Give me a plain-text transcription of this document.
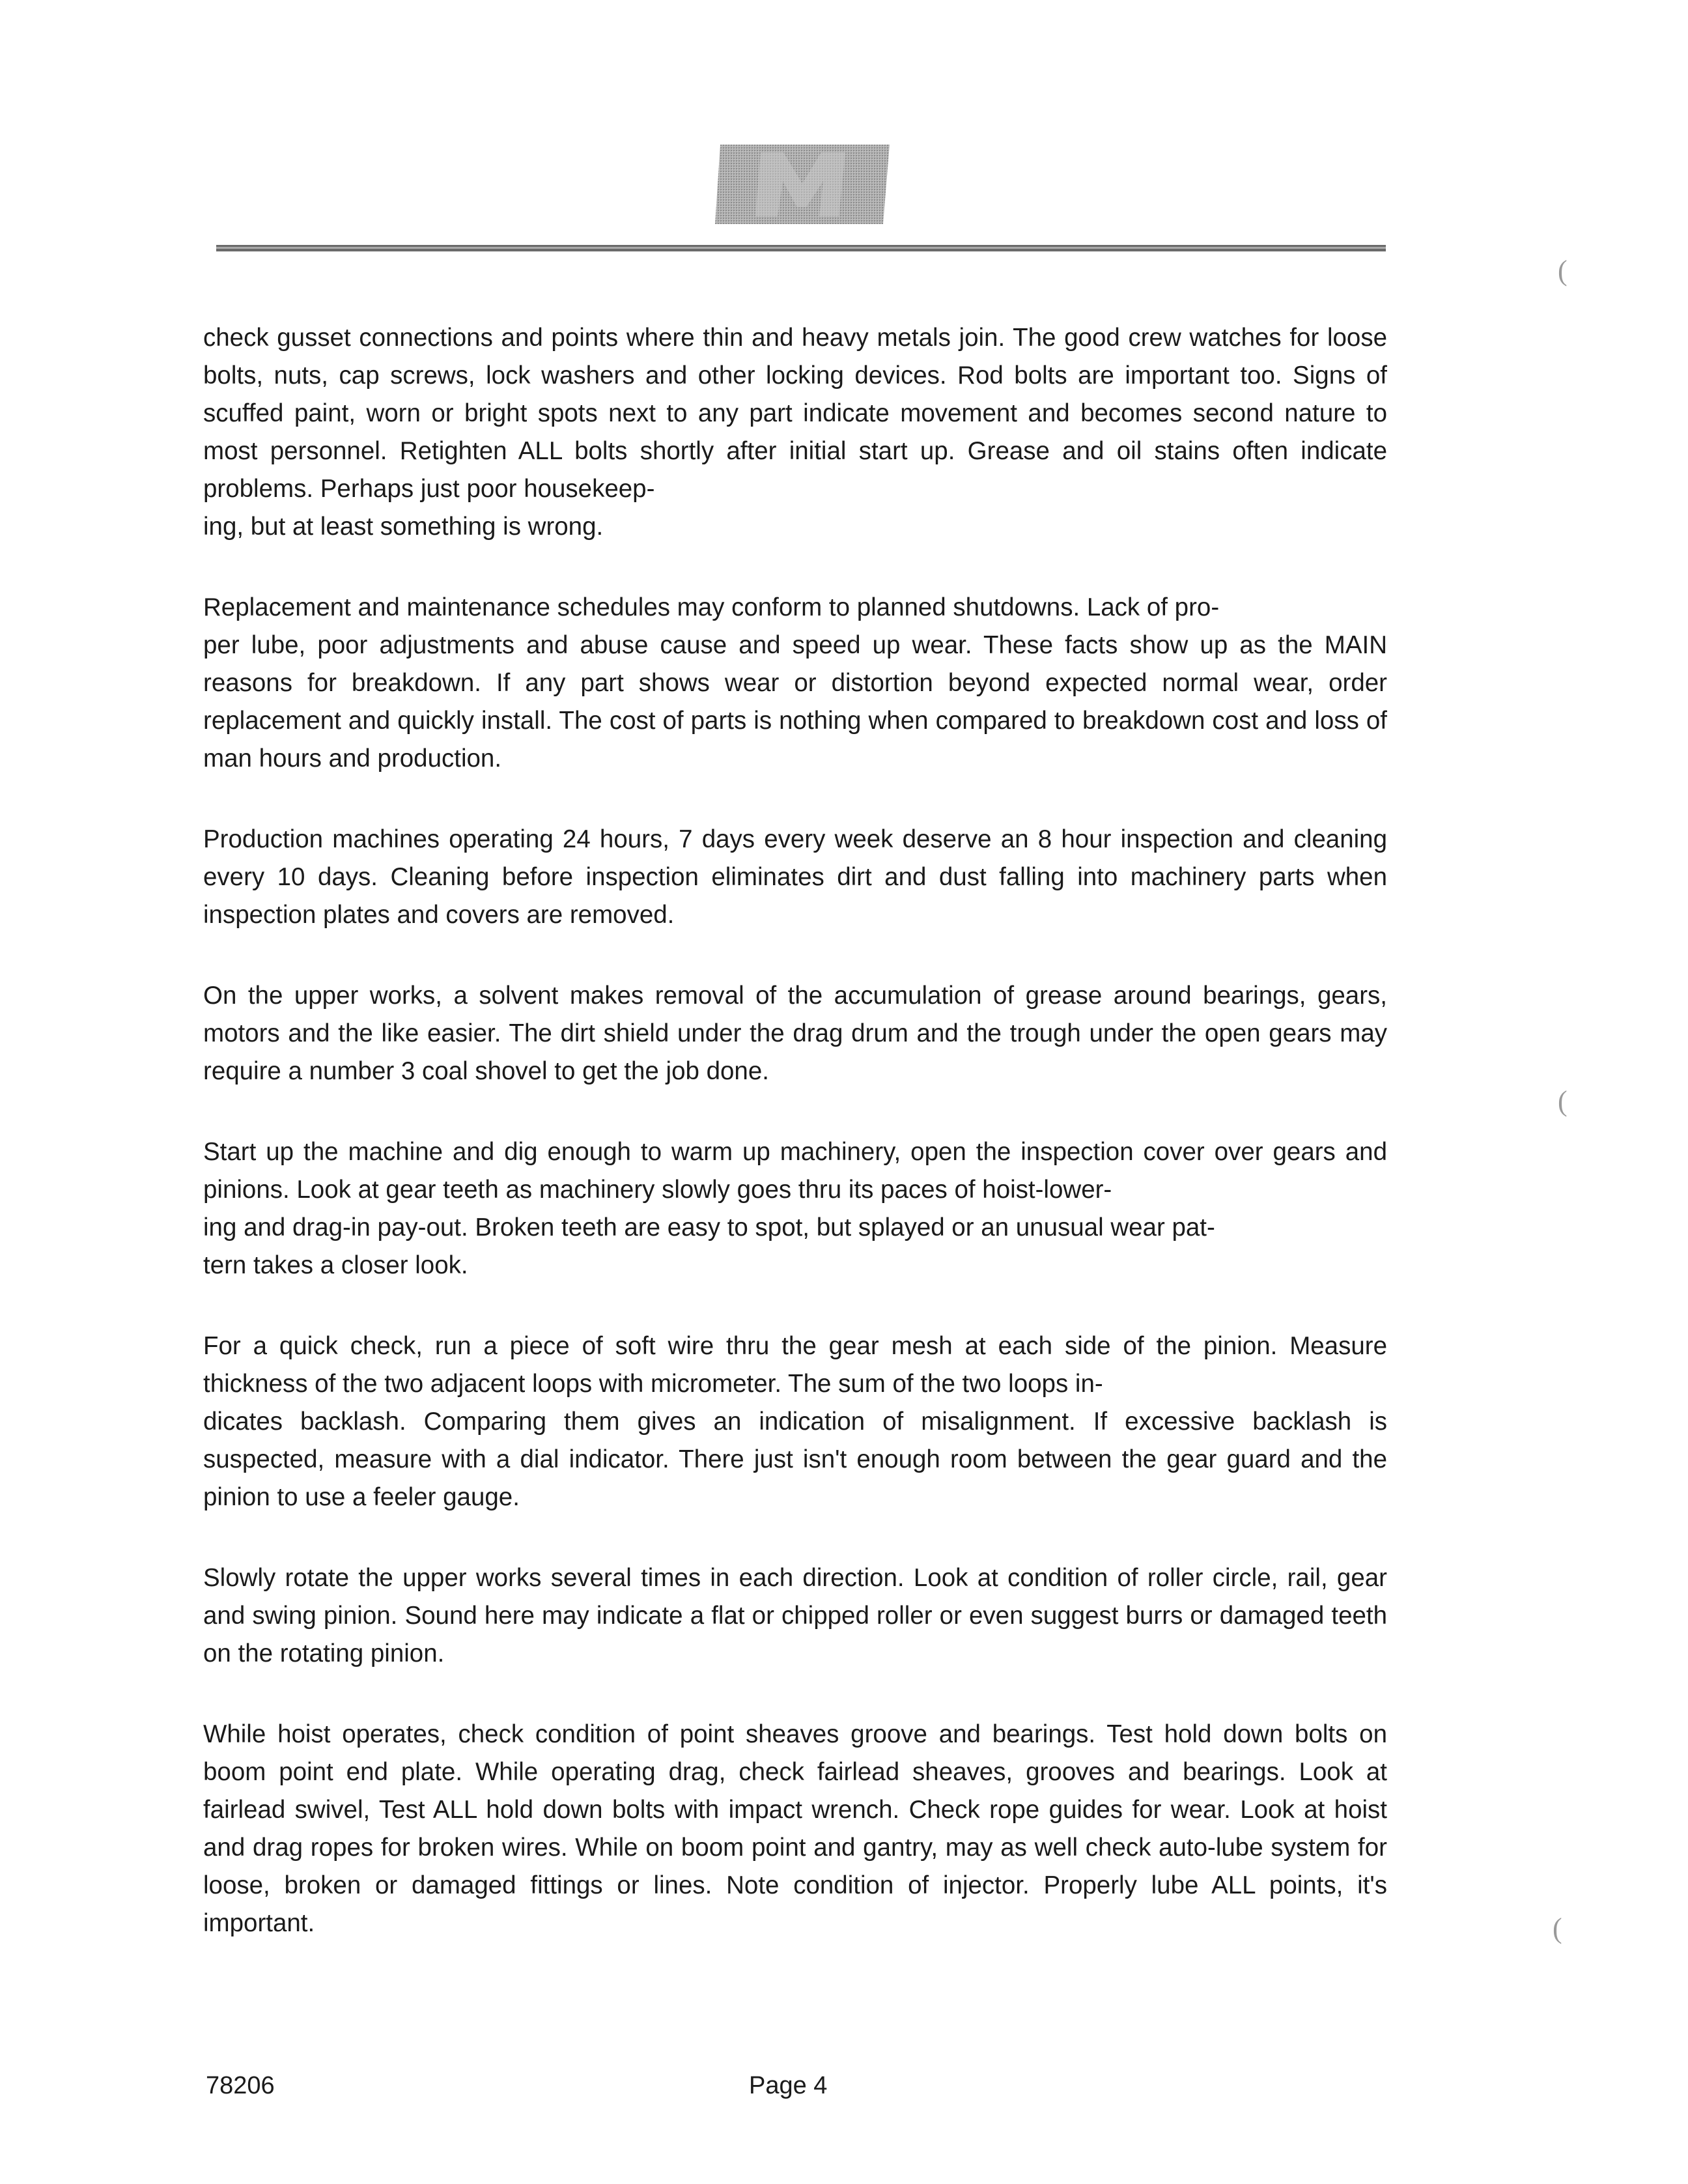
(
(
(

check gusset connections and points where thin and heavy metals join. The good crew watches for loose bolts, nuts, cap screws, lock washers and other locking devices. Rod bolts are important too. Signs of scuffed paint, worn or bright spots next to any part indicate movement and becomes second nature to most personnel. Retighten ALL bolts shortly after initial start up. Grease and oil stains often indicate problems. Perhaps just poor housekeep-
ing, but at least something is wrong.

Replacement and maintenance schedules may conform to planned shutdowns. Lack of pro-
per lube, poor adjustments and abuse cause and speed up wear. These facts show up as the MAIN reasons for breakdown. If any part shows wear or distortion beyond expected normal wear, order replacement and quickly install. The cost of parts is nothing when compared to breakdown cost and loss of man hours and production.

Production machines operating 24 hours, 7 days every week deserve an 8 hour inspection and cleaning every 10 days. Cleaning before inspection eliminates dirt and dust falling into machinery parts when inspection plates and covers are removed.

On the upper works, a solvent makes removal of the accumulation of grease around bearings, gears, motors and the like easier. The dirt shield under the drag drum and the trough under the open gears may require a number 3 coal shovel to get the job done.

Start up the machine and dig enough to warm up machinery, open the inspection cover over gears and pinions. Look at gear teeth as machinery slowly goes thru its paces of hoist-lower-
ing and drag-in pay-out. Broken teeth are easy to spot, but splayed or an unusual wear pat-
tern takes a closer look.

For a quick check, run a piece of soft wire thru the gear mesh at each side of the pinion. Measure thickness of the two adjacent loops with micrometer. The sum of the two loops in-
dicates backlash. Comparing them gives an indication of misalignment. If excessive backlash is suspected, measure with a dial indicator. There just isn't enough room between the gear guard and the pinion to use a feeler gauge.

Slowly rotate the upper works several times in each direction. Look at condition of roller circle, rail, gear and swing pinion. Sound here may indicate a flat or chipped roller or even suggest burrs or damaged teeth on the rotating pinion.

While hoist operates, check condition of point sheaves groove and bearings. Test hold down bolts on boom point end plate. While operating drag, check fairlead sheaves, grooves and bearings. Look at fairlead swivel, Test ALL hold down bolts with impact wrench. Check rope guides for wear. Look at hoist and drag ropes for broken wires. While on boom point and gantry, may as well check auto-lube system for loose, broken or damaged fittings or lines. Note condition of injector. Properly lube ALL points, it's important.

78206	Page 4
